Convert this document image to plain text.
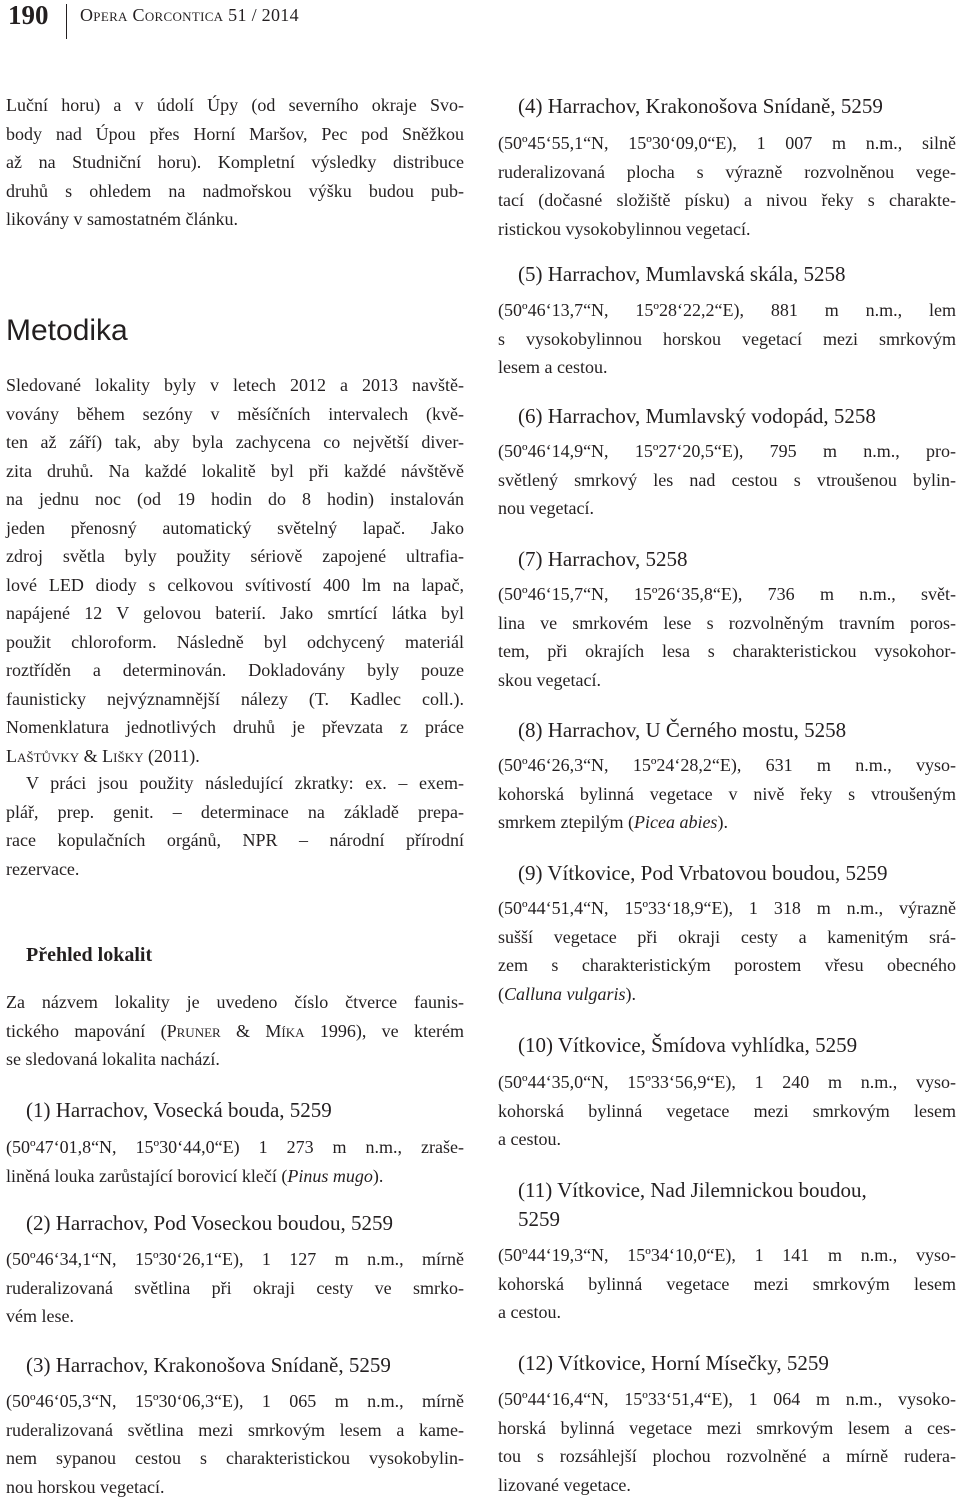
190 Opera Corcontica 51 / 2014
Luční horu) a v údolí Úpy (od severního okraje Svo-
body nad Úpou přes Horní Maršov, Pec pod Sněžkou
až na Studniční horu). Kompletní výsledky distribuce
druhů s ohledem na nadmořskou výšku budou pub-
likovány v samostatném článku.
Metodika
Sledované lokality byly v letech 2012 a 2013 navště-
vovány během sezóny v měsíčních intervalech (kvě-
ten až září) tak, aby byla zachycena co největší diver-
zita druhů. Na každé lokalitě byl při každé návštěvě
na jednu noc (od 19 hodin do 8 hodin) instalován
jeden přenosný automatický světelný lapač. Jako
zdroj světla byly použity sériově zapojené ultrafia-
lové LED diody s celkovou svítivostí 400 lm na lapač,
napájené 12 V gelovou baterií. Jako smrtící látka byl
použit chloroform. Následně byl odchycený materiál
roztříděn a determinován. Dokladovány byly pouze
faunisticky nejvýznamnější nálezy (T. Kadlec coll.).
Nomenklatura jednotlivých druhů je převzata z práce
Laštůvky & Lišky (2011).
V práci jsou použity následující zkratky: ex. – exem-
plář, prep. genit. – determinace na základě prepa-
race kopulačních orgánů, NPR – národní přírodní
rezervace.
Přehled lokalit
Za názvem lokality je uvedeno číslo čtverce faunis-
tického mapování (Pruner & Míka 1996), ve kterém
se sledovaná lokalita nachází.
(1) Harrachov, Vosecká bouda, 5259
(50º47‘01,8“N, 15º30‘44,0“E) 1 273 m n.m., zraše-
liněná louka zarůstající borovicí klečí (Pinus mugo).
(2) Harrachov, Pod Voseckou boudou, 5259
(50º46‘34,1“N, 15º30‘26,1“E), 1 127 m n.m., mírně
ruderalizovaná světlina při okraji cesty ve smrko-
vém lese.
(3) Harrachov, Krakonošova Snídaně, 5259
(50º46‘05,3“N, 15º30‘06,3“E), 1 065 m n.m., mírně
ruderalizovaná světlina mezi smrkovým lesem a kame-
nem sypanou cestou s charakteristickou vysokobylin-
nou horskou vegetací.
(4) Harrachov, Krakonošova Snídaně, 5259
(50º45‘55,1“N, 15º30‘09,0“E), 1 007 m n.m., silně
ruderalizovaná plocha s výrazně rozvolněnou vege-
tací (dočasné složiště písku) a nivou řeky s charakte-
ristickou vysokobylinnou vegetací.
(5) Harrachov, Mumlavská skála, 5258
(50º46‘13,7“N, 15º28‘22,2“E), 881 m n.m., lem
s vysokobylinnou horskou vegetací mezi smrkovým
lesem a cestou.
(6) Harrachov, Mumlavský vodopád, 5258
(50º46‘14,9“N, 15º27‘20,5“E), 795 m n.m., pro-
světlený smrkový les nad cestou s vtroušenou bylin-
nou vegetací.
(7) Harrachov, 5258
(50º46‘15,7“N, 15º26‘35,8“E), 736 m n.m., svět-
lina ve smrkovém lese s rozvolněným travním poros-
tem, při okrajích lesa s charakteristickou vysokohor-
skou vegetací.
(8) Harrachov, U Černého mostu, 5258
(50º46‘26,3“N, 15º24‘28,2“E), 631 m n.m., vyso-
kohorská bylinná vegetace v nivě řeky s vtroušeným
smrkem ztepilým (Picea abies).
(9) Vítkovice, Pod Vrbatovou boudou, 5259
(50º44‘51,4“N, 15º33‘18,9“E), 1 318 m n.m., výrazně
sušší vegetace při okraji cesty a kamenitým srá-
zem s charakteristickým porostem vřesu obecného
(Calluna vulgaris).
(10) Vítkovice, Šmídova vyhlídka, 5259
(50º44‘35,0“N, 15º33‘56,9“E), 1 240 m n.m., vyso-
kohorská bylinná vegetace mezi smrkovým lesem
a cestou.
(11) Vítkovice, Nad Jilemnickou boudou,
5259
(50º44‘19,3“N, 15º34‘10,0“E), 1 141 m n.m., vyso-
kohorská bylinná vegetace mezi smrkovým lesem
a cestou.
(12) Vítkovice, Horní Mísečky, 5259
(50º44‘16,4“N, 15º33‘51,4“E), 1 064 m n.m., vysoko-
horská bylinná vegetace mezi smrkovým lesem a ces-
tou s rozsáhlejší plochou rozvolněné a mírně rudera-
lizované vegetace.
